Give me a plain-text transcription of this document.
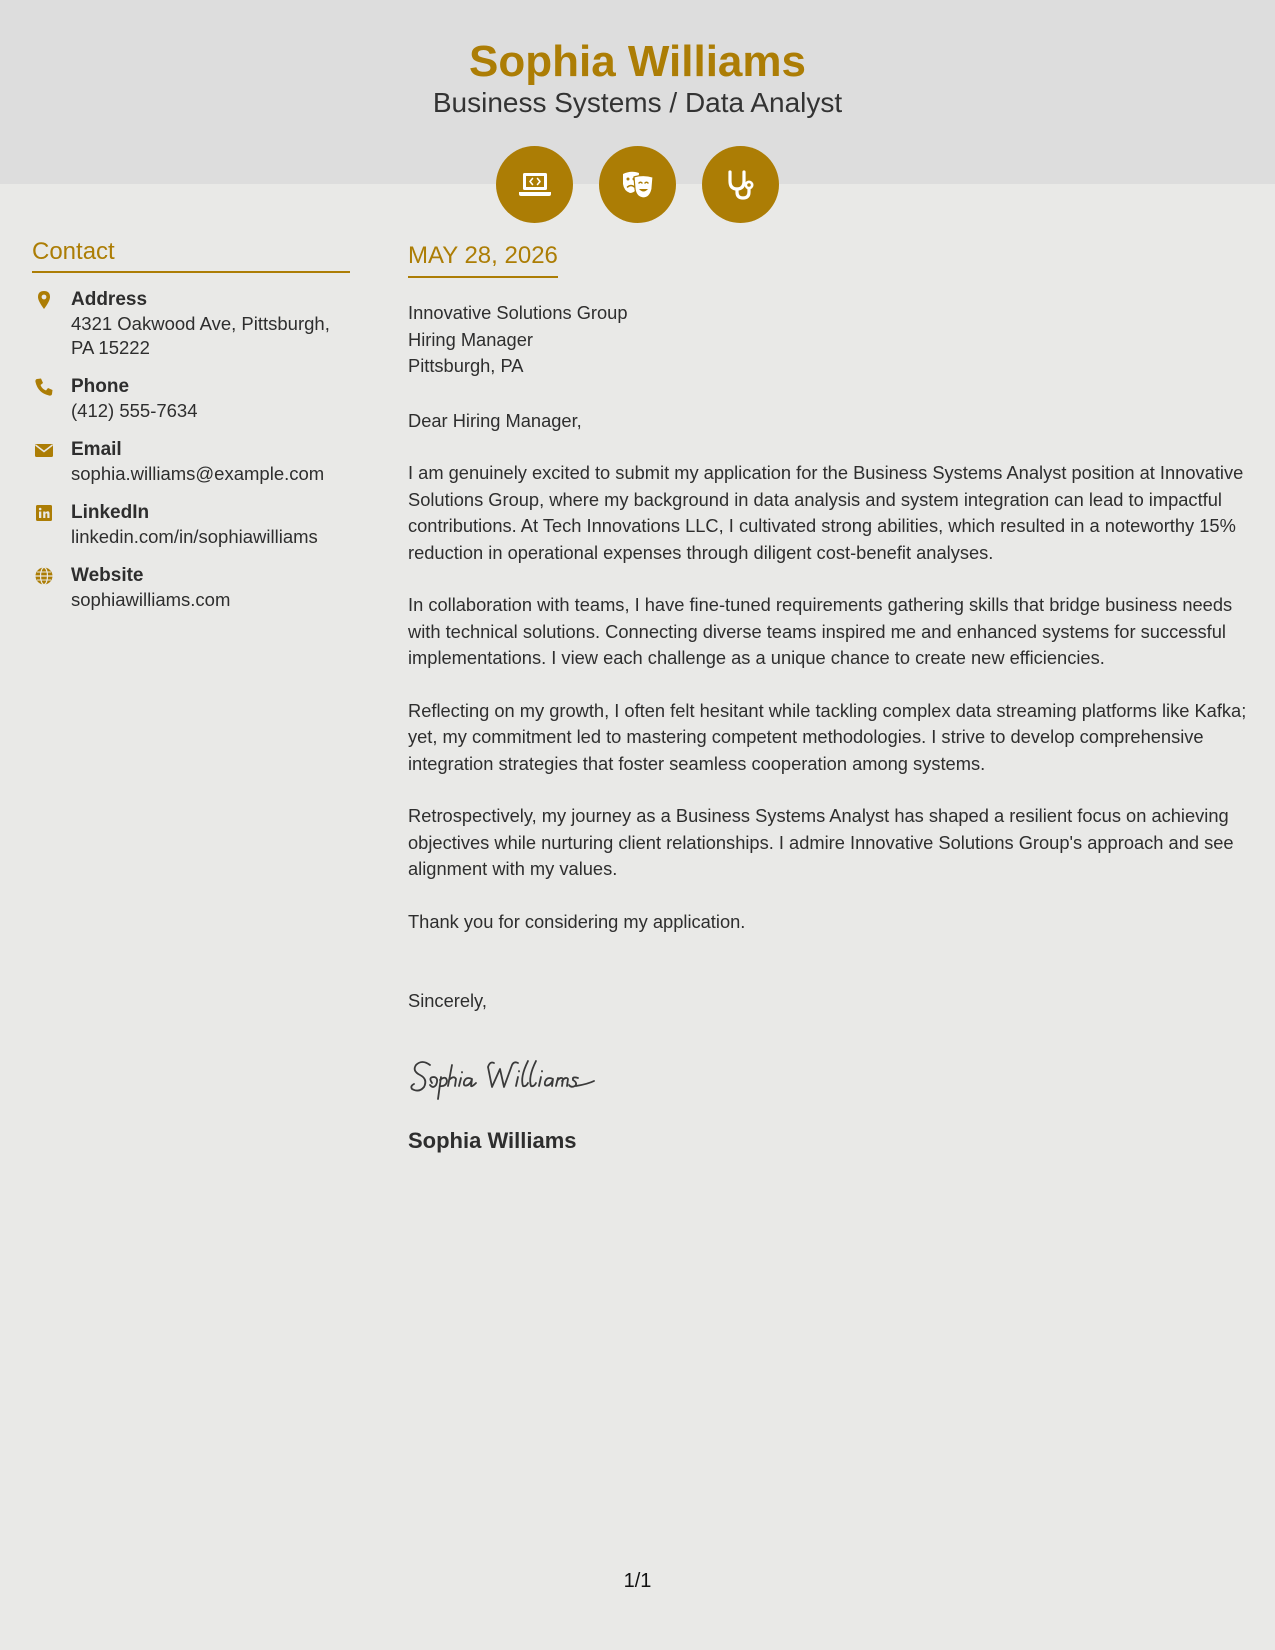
Sophia Williams
Business Systems / Data Analyst
Contact
Address
4321 Oakwood Ave, Pittsburgh,
PA 15222
Phone
(412) 555-7634
Email
sophia.williams@example.com
LinkedIn
linkedin.com/in/sophiawilliams
Website
sophiawilliams.com
MAY 28, 2026
Innovative Solutions Group
Hiring Manager
Pittsburgh, PA

Dear Hiring Manager,

I am genuinely excited to submit my application for the Business Systems Analyst position at Innovative Solutions Group, where my background in data analysis and system integration can lead to impactful contributions. At Tech Innovations LLC, I cultivated strong abilities, which resulted in a noteworthy 15% reduction in operational expenses through diligent cost-benefit analyses.

In collaboration with teams, I have fine-tuned requirements gathering skills that bridge business needs with technical solutions. Connecting diverse teams inspired me and enhanced systems for successful implementations. I view each challenge as a unique chance to create new efficiencies.

Reflecting on my growth, I often felt hesitant while tackling complex data streaming platforms like Kafka; yet, my commitment led to mastering competent methodologies. I strive to develop comprehensive integration strategies that foster seamless cooperation among systems.

Retrospectively, my journey as a Business Systems Analyst has shaped a resilient focus on achieving objectives while nurturing client relationships. I admire Innovative Solutions Group's approach and see alignment with my values.

Thank you for considering my application.

Sincerely,
Sophia Williams
1/1
